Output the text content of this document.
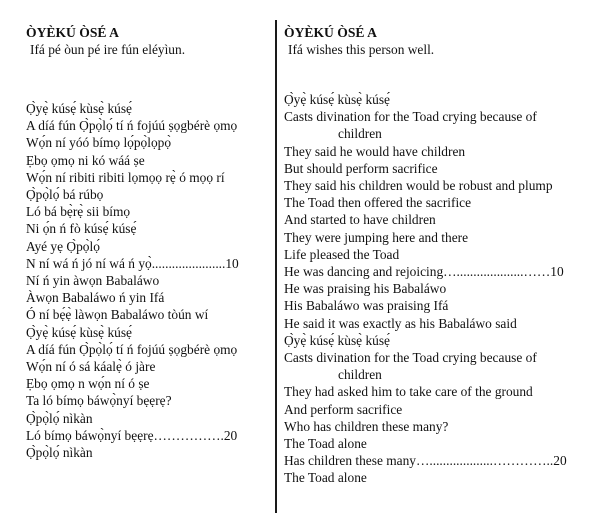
ÒYÈKÚ ÒSÉ A
Ifá pé òun pé ire fún eléyìun.
Ọ̀yẹ̀ kúsẹ́ kùsẹ̀ kúsẹ́
A díá fún Ọ̀pọ̀lọ́ tí ń fojúú ṣọgbérè ọmọ
Wọ́n ní yóó bímọ lọ́pọ̀lọpọ̀
Ẹbọ ọmọ ni kó wáá ṣe
Wọ́n ní ribiti ribiti lọmọọ rẹ̀ ó mọọ rí
Ọ̀pọ̀lọ́ bá rúbọ
Ló bá bẹ̀rẹ̀ sii bímọ
Ni ọ́n ń fò kúsẹ́ kúsẹ́
Ayé yẹ Ọ̀pọ̀lọ́
N ní wá ń jó ní wá ń yọ̀......................10
Ní ń yin àwọn Babaláwo
Àwọn Babaláwo ń yin Ifá
Ó ní bẹ́ẹ̀ làwọn Babaláwo tòún wí
Ọ̀yẹ̀ kúsẹ́ kùsẹ̀ kúsẹ́
A díá fún Ọ̀pọ̀lọ́ tí ń fojúú ṣọgbérè ọmọ
Wọ́n ní ó sá káalẹ̀ ó jàre
Ẹbọ ọmọ n wọ́n ní ó ṣe
Ta ló bímọ báwọ̀nyí bẹẹrẹ?
Ọ̀pọ̀lọ́ nìkàn
Ló bímọ báwọ̀nyí bẹẹrẹ…………….20
Ọ̀pọ̀lọ́ nìkàn
ÒYÈKÚ ÒSÉ A
Ifá wishes this person well.
Ọ̀yẹ̀ kúsẹ́ kùsẹ̀ kúsẹ́
Casts divination for the Toad crying because of
children
They said he would have children
But should perform sacrifice
They said his children would be robust and plump
The Toad then offered the sacrifice
And started to have children
They were jumping here and there
Life pleased the Toad
He was dancing and rejoicing…....................……10
He was praising his Babaláwo
His Babaláwo was praising Ifá
He said it was exactly as his Babaláwo said
Ọ̀yẹ̀ kúsẹ́ kùsẹ̀ kúsẹ́
Casts divination for the Toad crying because of
children
They had asked him to take care of the ground
And perform sacrifice
Who has children these many?
The Toad alone
Has children these many…...................…………..20
The Toad alone
